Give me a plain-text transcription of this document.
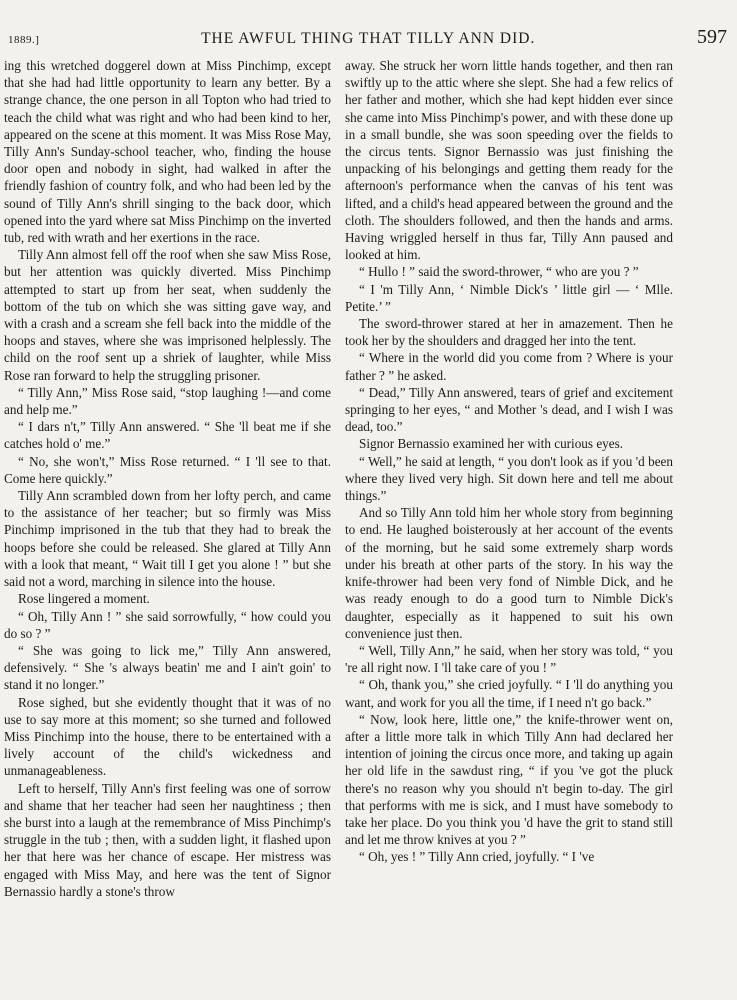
1889.]	THE AWFUL THING THAT TILLY ANN DID.	597

ing this wretched doggerel down at Miss Pinchimp, except that she had had little opportunity to learn any better. By a strange chance, the one person in all Topton who had tried to teach the child what was right and who had been kind to her, appeared on the scene at this moment. It was Miss Rose May, Tilly Ann's Sunday-school teacher, who, finding the house door open and nobody in sight, had walked in after the friendly fashion of country folk, and who had been led by the sound of Tilly Ann's shrill singing to the back door, which opened into the yard where sat Miss Pinchimp on the inverted tub, red with wrath and her exertions in the race.

Tilly Ann almost fell off the roof when she saw Miss Rose, but her attention was quickly diverted. Miss Pinchimp attempted to start up from her seat, when suddenly the bottom of the tub on which she was sitting gave way, and with a crash and a scream she fell back into the middle of the hoops and staves, where she was imprisoned helplessly. The child on the roof sent up a shriek of laughter, while Miss Rose ran forward to help the struggling prisoner.

“ Tilly Ann,” Miss Rose said, “stop laughing !—and come and help me.”

“ I dars n't,” Tilly Ann answered. “ She 'll beat me if she catches hold o' me.”

“ No, she won't,” Miss Rose returned. “ I 'll see to that. Come here quickly.”

Tilly Ann scrambled down from her lofty perch, and came to the assistance of her teacher; but so firmly was Miss Pinchimp imprisoned in the tub that they had to break the hoops before she could be released. She glared at Tilly Ann with a look that meant, “ Wait till I get you alone ! ” but she said not a word, marching in silence into the house.

Rose lingered a moment.

“ Oh, Tilly Ann ! ” she said sorrowfully, “ how could you do so ? ”

“ She was going to lick me,” Tilly Ann answered, defensively. “ She 's always beatin' me and I ain't goin' to stand it no longer.”

Rose sighed, but she evidently thought that it was of no use to say more at this moment; so she turned and followed Miss Pinchimp into the house, there to be entertained with a lively account of the child's wickedness and unmanageableness.

Left to herself, Tilly Ann's first feeling was one of sorrow and shame that her teacher had seen her naughtiness ; then she burst into a laugh at the remembrance of Miss Pinchimp's struggle in the tub ; then, with a sudden light, it flashed upon her that here was her chance of escape. Her mistress was engaged with Miss May, and here was the tent of Signor Bernassio hardly a stone's throw

away. She struck her worn little hands together, and then ran swiftly up to the attic where she slept. She had a few relics of her father and mother, which she had kept hidden ever since she came into Miss Pinchimp's power, and with these done up in a small bundle, she was soon speeding over the fields to the circus tents. Signor Bernassio was just finishing the unpacking of his belongings and getting them ready for the afternoon's performance when the canvas of his tent was lifted, and a child's head appeared between the ground and the cloth. The shoulders followed, and then the hands and arms. Having wriggled herself in thus far, Tilly Ann paused and looked at him.

“ Hullo ! ” said the sword-thrower, “ who are you ? ”

“ I 'm Tilly Ann, ‘ Nimble Dick's ’ little girl — ‘ Mlle. Petite.’ ”

The sword-thrower stared at her in amazement. Then he took her by the shoulders and dragged her into the tent.

“ Where in the world did you come from ? Where is your father ? ” he asked.

“ Dead,” Tilly Ann answered, tears of grief and excitement springing to her eyes, “ and Mother 's dead, and I wish I was dead, too.”

Signor Bernassio examined her with curious eyes.

“ Well,” he said at length, “ you don't look as if you 'd been where they lived very high. Sit down here and tell me about things.”

And so Tilly Ann told him her whole story from beginning to end. He laughed boisterously at her account of the events of the morning, but he said some extremely sharp words under his breath at other parts of the story. In his way the knife-thrower had been very fond of Nimble Dick, and he was ready enough to do a good turn to Nimble Dick's daughter, especially as it happened to suit his own convenience just then.

“ Well, Tilly Ann,” he said, when her story was told, “ you 're all right now. I 'll take care of you ! ”

“ Oh, thank you,” she cried joyfully. “ I 'll do anything you want, and work for you all the time, if I need n't go back.”

“ Now, look here, little one,” the knife-thrower went on, after a little more talk in which Tilly Ann had declared her intention of joining the circus once more, and taking up again her old life in the sawdust ring, “ if you 've got the pluck there's no reason why you should n't begin to-day. The girl that performs with me is sick, and I must have somebody to take her place. Do you think you 'd have the grit to stand still and let me throw knives at you ? ”

“ Oh, yes ! ” Tilly Ann cried, joyfully. “ I 've
